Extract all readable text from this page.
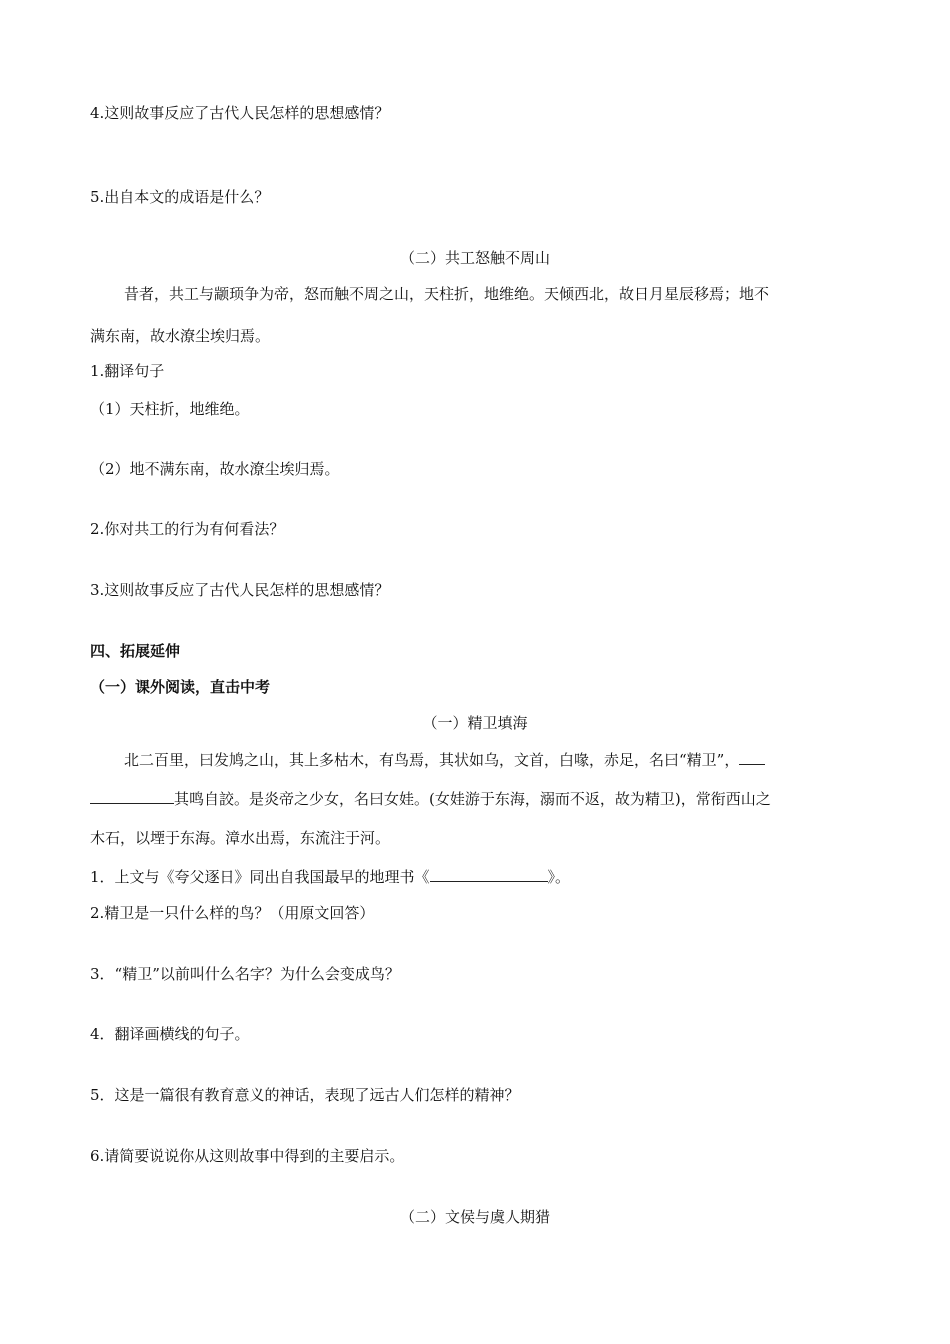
4.这则故事反应了古代人民怎样的思想感情？
5.出自本文的成语是什么？
（二）共工怒触不周山
昔者，共工与颛顼争为帝，怒而触不周之山，天柱折，地维绝。天倾西北，故日月星辰移焉；地不
满东南，故水潦尘埃归焉。
1.翻译句子
（1）天柱折，地维绝。
（2）地不满东南，故水潦尘埃归焉。
2.你对共工的行为有何看法？
3.这则故事反应了古代人民怎样的思想感情？
四、拓展延伸
（一）课外阅读，直击中考
（一）精卫填海
北二百里，曰发鸠之山，其上多枯木，有鸟焉，其状如乌，文首，白喙，赤足，名曰“精卫”，
其鸣自詨。是炎帝之少女，名曰女娃。(女娃游于东海，溺而不返，故为精卫)，常衔西山之
木石，以堙于东海。漳水出焉，东流注于河。
1．上文与《夸父逐日》同出自我国最早的地理书《	》。
2.精卫是一只什么样的鸟？（用原文回答）
3．“精卫”以前叫什么名字？为什么会变成鸟？
4．翻译画横线的句子。
5．这是一篇很有教育意义的神话，表现了远古人们怎样的精神？
6.请简要说说你从这则故事中得到的主要启示。
（二）文侯与虞人期猎
